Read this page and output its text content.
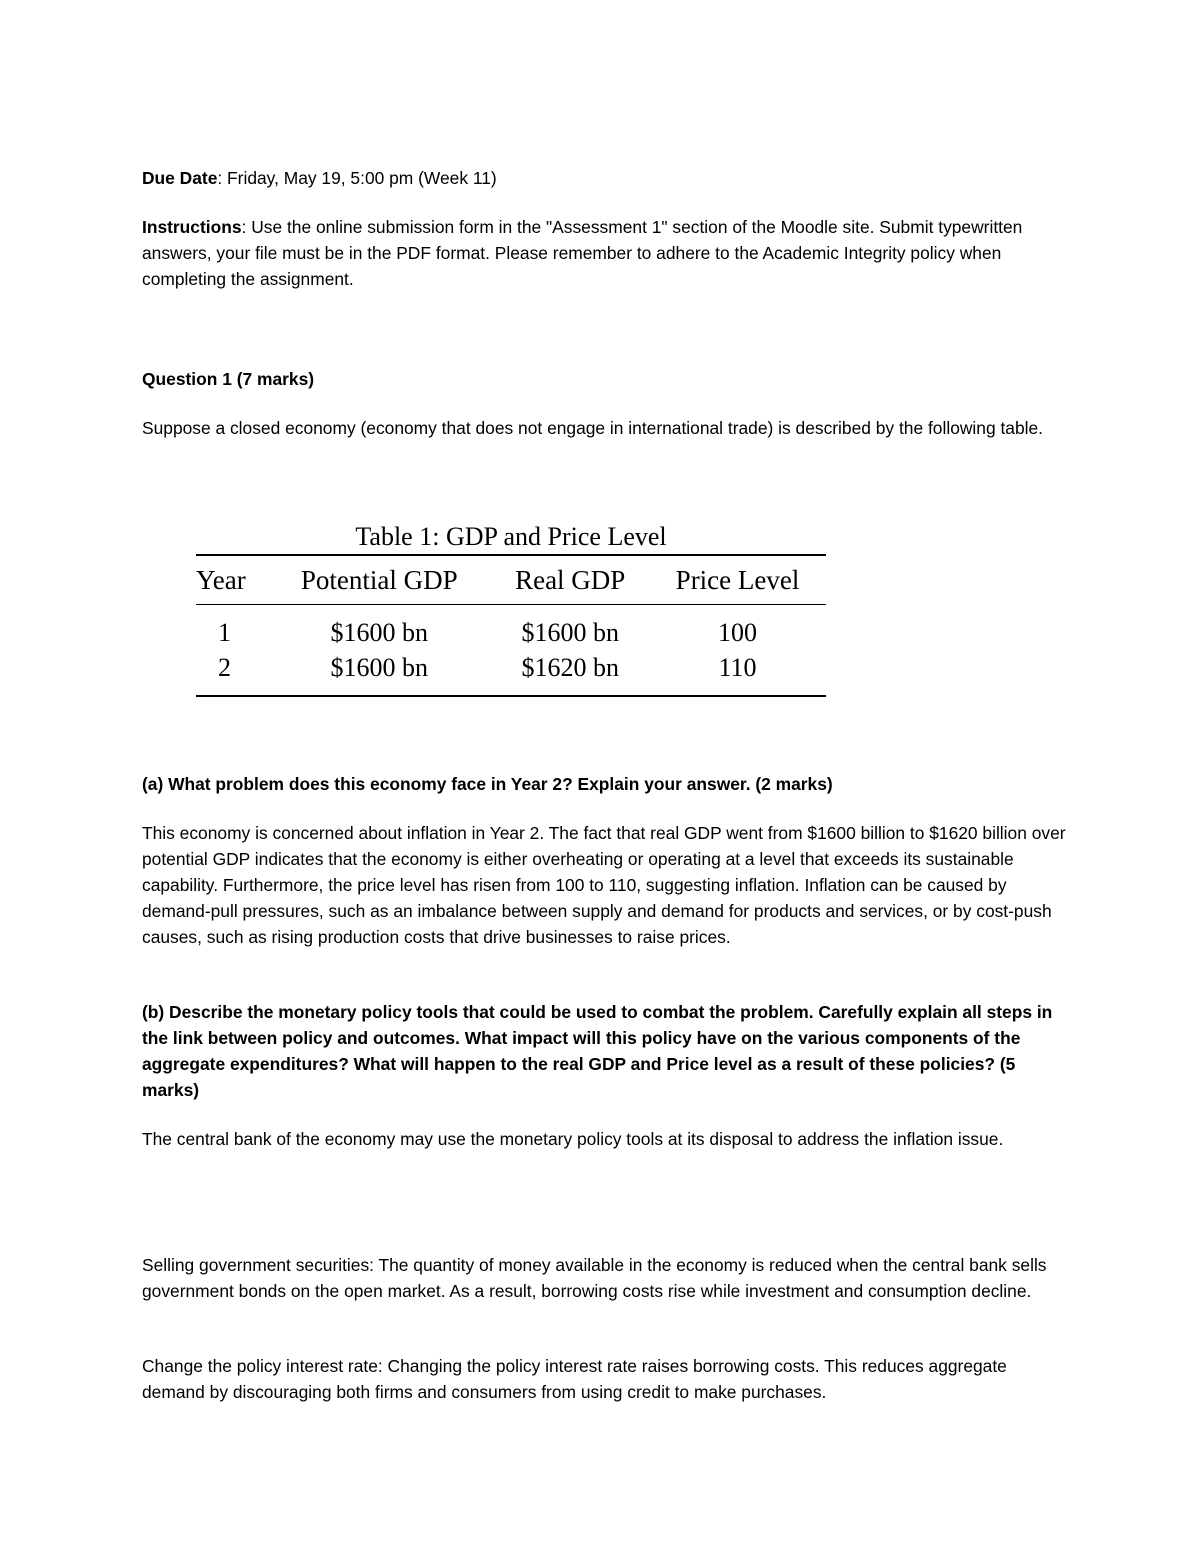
Due Date: Friday, May 19, 5:00 pm (Week 11)

Instructions: Use the online submission form in the "Assessment 1" section of the Moodle site. Submit typewritten answers, your file must be in the PDF format. Please remember to adhere to the Academic Integrity policy when completing the assignment.

Question 1 (7 marks)

Suppose a closed economy (economy that does not engage in international trade) is described by the following table.

Table 1: GDP and Price Level
Year	Potential GDP	Real GDP	Price Level
1	$1600 bn	$1600 bn	100
2	$1600 bn	$1620 bn	110

(a) What problem does this economy face in Year 2? Explain your answer. (2 marks)

This economy is concerned about inflation in Year 2. The fact that real GDP went from $1600 billion to $1620 billion over potential GDP indicates that the economy is either overheating or operating at a level that exceeds its sustainable capability. Furthermore, the price level has risen from 100 to 110, suggesting inflation. Inflation can be caused by demand-pull pressures, such as an imbalance between supply and demand for products and services, or by cost-push causes, such as rising production costs that drive businesses to raise prices.

(b) Describe the monetary policy tools that could be used to combat the problem. Carefully explain all steps in the link between policy and outcomes. What impact will this policy have on the various components of the aggregate expenditures? What will happen to the real GDP and Price level as a result of these policies? (5 marks)

The central bank of the economy may use the monetary policy tools at its disposal to address the inflation issue.

Selling government securities: The quantity of money available in the economy is reduced when the central bank sells government bonds on the open market. As a result, borrowing costs rise while investment and consumption decline.

Change the policy interest rate: Changing the policy interest rate raises borrowing costs. This reduces aggregate demand by discouraging both firms and consumers from using credit to make purchases.
